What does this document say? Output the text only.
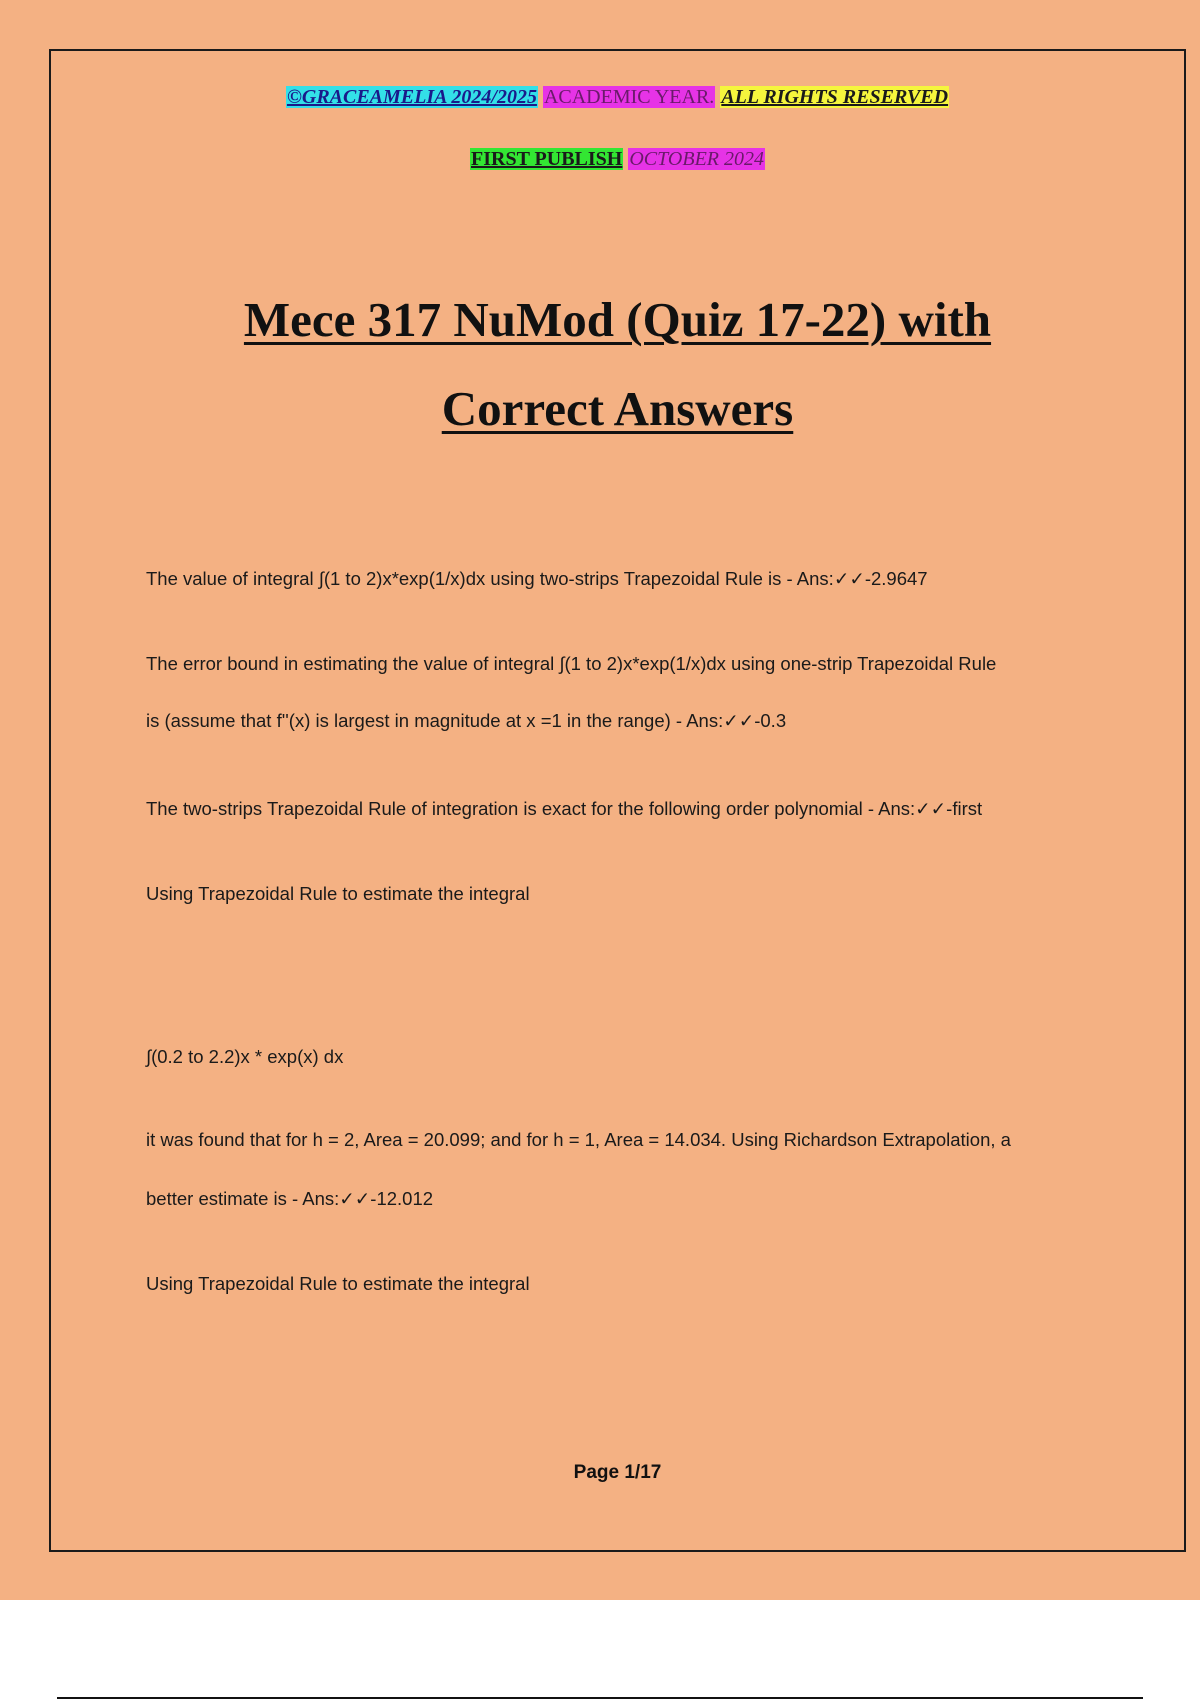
©GRACEAMELIA 2024/2025 ACADEMIC YEAR. ALL RIGHTS RESERVED
FIRST PUBLISH OCTOBER 2024
Mece 317 NuMod (Quiz 17-22) with
Correct Answers
The value of integral ∫(1 to 2)x*exp(1/x)dx using two-strips Trapezoidal Rule is - Ans:✓✓-2.9647
The error bound in estimating the value of integral ∫(1 to 2)x*exp(1/x)dx using one-strip Trapezoidal Rule
is (assume that f''(x) is largest in magnitude at x =1 in the range) - Ans:✓✓-0.3
The two-strips Trapezoidal Rule of integration is exact for the following order polynomial - Ans:✓✓-first
Using Trapezoidal Rule to estimate the integral
∫(0.2 to 2.2)x * exp(x) dx
it was found that for h = 2, Area = 20.099; and for h = 1, Area = 14.034. Using Richardson Extrapolation, a
better estimate is - Ans:✓✓-12.012
Using Trapezoidal Rule to estimate the integral
Page 1/17
